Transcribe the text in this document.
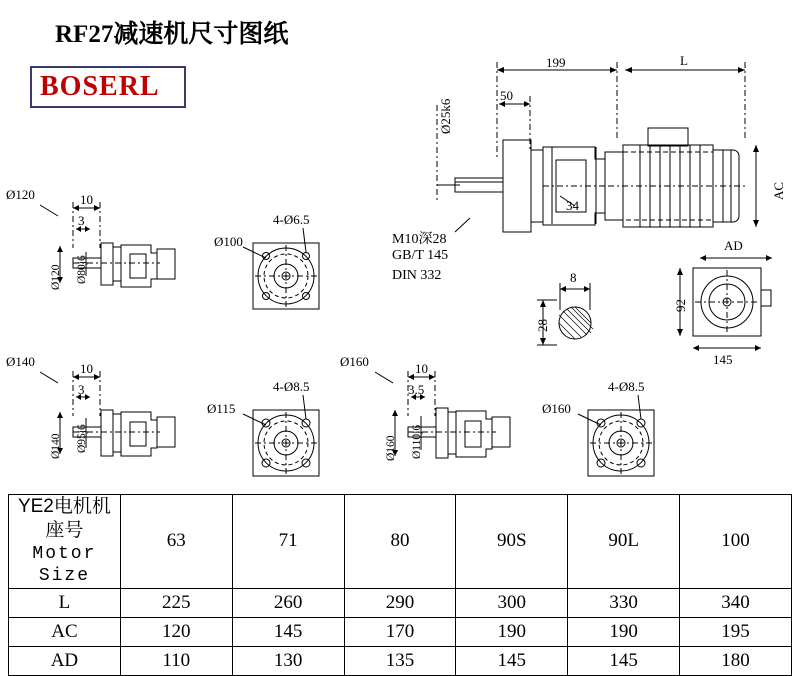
RF27减速机尺寸图纸
BOSERL
199	L
Ø25k6
50
34
AC
AD
M10深28
GB/T 145
DIN 332	8
28
92
145
Ø120	10
3
Ø120 Ø80j6
Ø100
4-Ø6.5
Ø140	10
3
Ø140 Ø95j6
Ø115
4-Ø8.5
Ø160	10
3.5
Ø160 Ø110j6
Ø160
4-Ø8.5
YE2电机机座号
Motor Size	63	71	80	90S	90L	100
L	225	260	290	300	330	340
AC	120	145	170	190	190	195
AD	110	130	135	145	145	180
